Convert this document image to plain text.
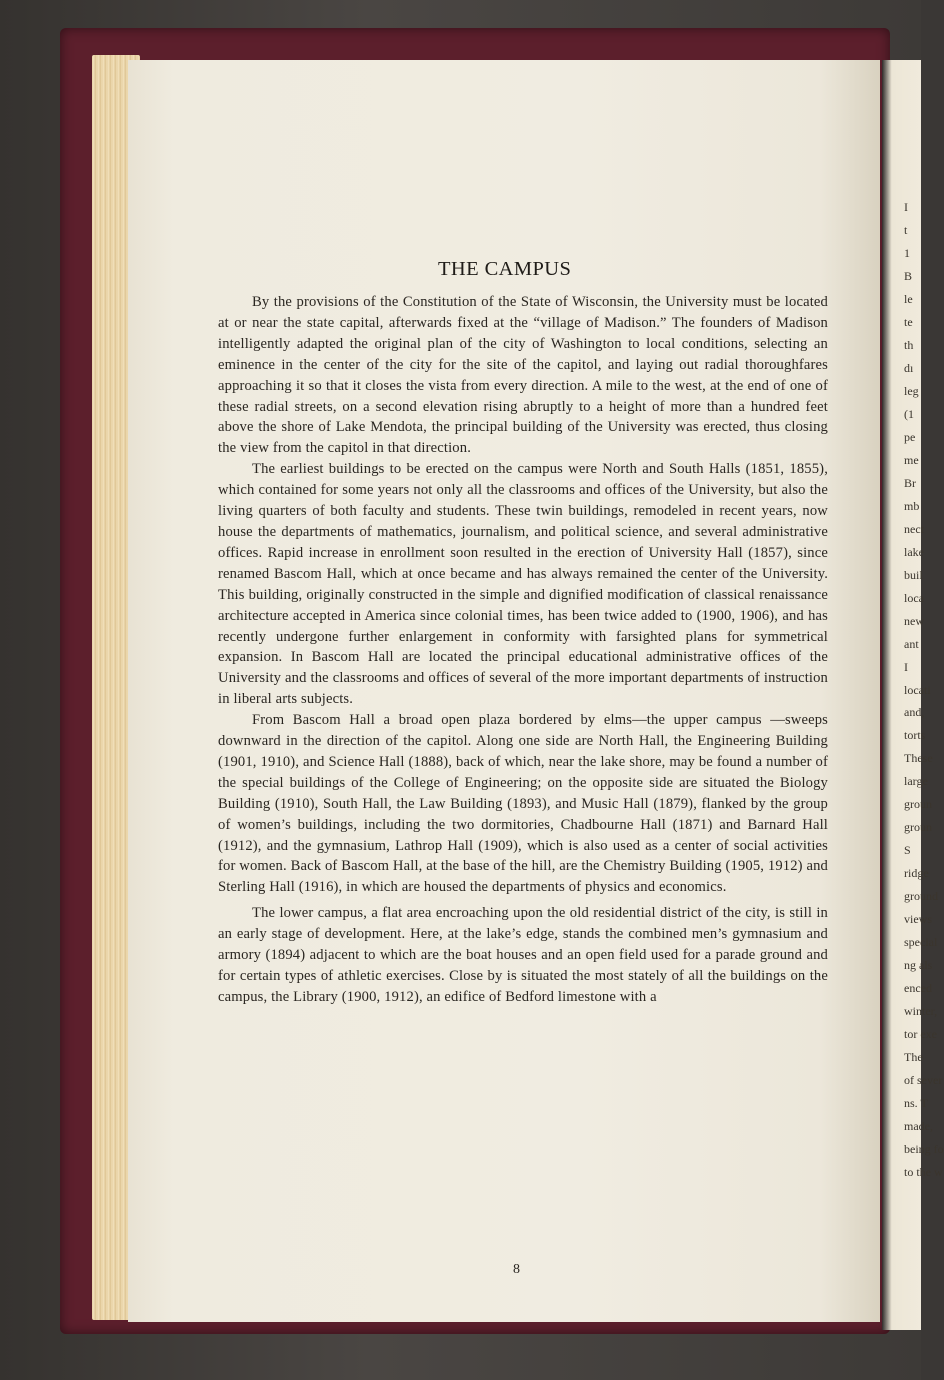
I
t
1
B
le
te
th
dı
leg
(1
pe
me
Br
mb
nect
lake
buil
loca
new
ant
I
locati
and,
torts
These
large
groun
groun
S
ridge
ground
views
special
ng als
enced
winter,
tor exe
The
of sever
ns. T
made,
being fo
to the w
THE CAMPUS

By the provisions of the Constitution of the State of Wisconsin, the University must be located at or near the state capital, afterwards fixed at the “village of Madison.” The founders of Madison intelligently adapted the original plan of the city of Washington to local conditions, selecting an eminence in the center of the city for the site of the capitol, and laying out radial thoroughfares approaching it so that it closes the vista from every direction. A mile to the west, at the end of one of these radial streets, on a second elevation rising abruptly to a height of more than a hundred feet above the shore of Lake Mendota, the principal building of the University was erected, thus closing the view from the capitol in that direction.

The earliest buildings to be erected on the campus were North and South Halls (1851, 1855), which contained for some years not only all the classrooms and offices of the University, but also the living quarters of both faculty and students. These twin buildings, remodeled in recent years, now house the departments of mathematics, journalism, and political science, and several administrative offices. Rapid increase in enrollment soon resulted in the erection of University Hall (1857), since renamed Bascom Hall, which at once became and has always remained the center of the University. This building, originally constructed in the simple and dignified modification of classical renaissance architecture accepted in America since colonial times, has been twice added to (1900, 1906), and has recently undergone further enlargement in conformity with farsighted plans for symmetrical expansion. In Bascom Hall are located the principal educational administrative offices of the University and the classrooms and offices of several of the more important departments of instruction in liberal arts subjects.

From Bascom Hall a broad open plaza bordered by elms—the upper campus —sweeps downward in the direction of the capitol. Along one side are North Hall, the Engineering Building (1901, 1910), and Science Hall (1888), back of which, near the lake shore, may be found a number of the special buildings of the College of Engineering; on the opposite side are situated the Biology Building (1910), South Hall, the Law Building (1893), and Music Hall (1879), flanked by the group of women’s buildings, including the two dormitories, Chadbourne Hall (1871) and Barnard Hall (1912), and the gymnasium, Lathrop Hall (1909), which is also used as a center of social activities for women. Back of Bascom Hall, at the base of the hill, are the Chemistry Building (1905, 1912) and Sterling Hall (1916), in which are housed the departments of physics and economics.

The lower campus, a flat area encroaching upon the old residential district of the city, is still in an early stage of development. Here, at the lake’s edge, stands the combined men’s gymnasium and armory (1894) adjacent to which are the boat houses and an open field used for a parade ground and for certain types of athletic exercises. Close by is situated the most stately of all the buildings on the campus, the Library (1900, 1912), an edifice of Bedford limestone with a

8
